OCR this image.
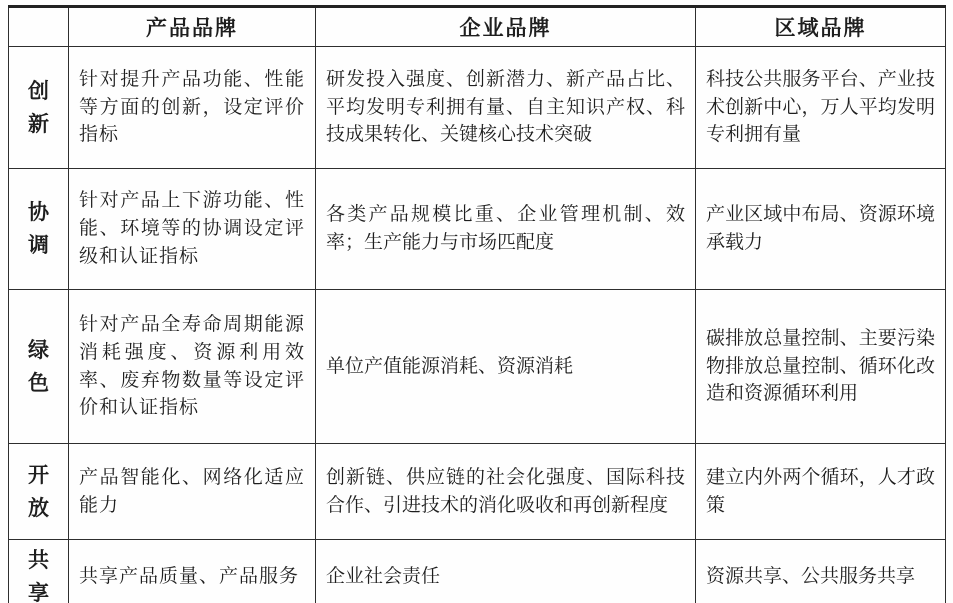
	产品品牌	企业品牌	区域品牌

创新	针对提升产品功能、性能等方面的创新，设定评价指标	研发投入强度、创新潜力、新产品占比、平均发明专利拥有量、自主知识产权、科技成果转化、关键核心技术突破	科技公共服务平台、产业技术创新中心，万人平均发明专利拥有量

协调	针对产品上下游功能、性能、环境等的协调设定评级和认证指标	各类产品规模比重、企业管理机制、效率；生产能力与市场匹配度	产业区域中布局、资源环境承载力

绿色	针对产品全寿命周期能源消耗强度、资源利用效率、废弃物数量等设定评价和认证指标	单位产值能源消耗、资源消耗	碳排放总量控制、主要污染物排放总量控制、循环化改造和资源循环利用

开放	产品智能化、网络化适应能力	创新链、供应链的社会化强度、国际科技合作、引进技术的消化吸收和再创新程度	建立内外两个循环，人才政策

共享	共享产品质量、产品服务	企业社会责任	资源共享、公共服务共享
